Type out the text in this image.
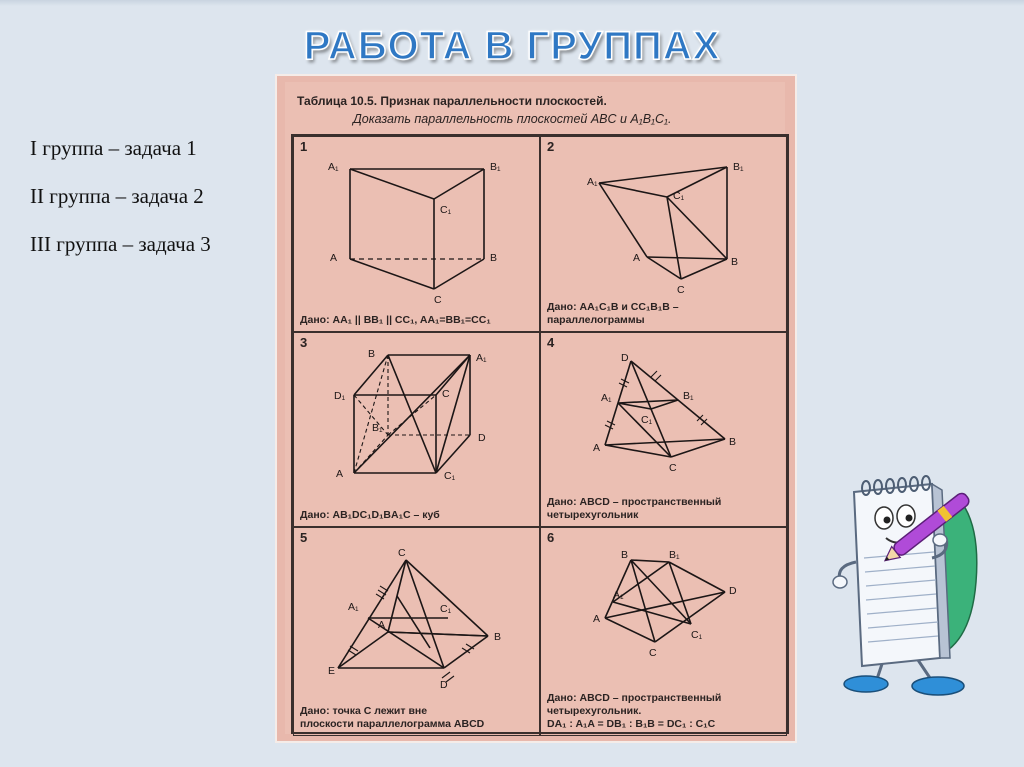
РАБОТА В ГРУППАХ
I группа – задача 1
II группа – задача 2
III группа – задача 3
Таблица 10.5. Признак параллельности плоскостей.
Доказать параллельность плоскостей ABC и A₁B₁C₁.
1
A₁	B₁
C₁
A	B
C
Дано: AA₁ || BB₁ || CC₁, AA₁=BB₁=CC₁
2
A₁
B₁
C₁
A	B
C
Дано: AA₁C₁B и CC₁B₁B –
параллелограммы
3
B	A₁
D₁	C
B₁
D
A	C₁
Дано: AB₁DC₁D₁BA₁C – куб
4
D
A₁	B₁
C₁
B
A
C
Дано: ABCD – пространственный
четырехугольник
5
C
A₁	C₁
A
B
E
D
Дано: точка C лежит вне
плоскости параллелограмма ABCD
6
B	B₁
A₁	D
A
C
C₁
Дано: ABCD – пространственный
четырехугольник.
DA₁ : A₁A = DB₁ : B₁B = DC₁ : C₁C
